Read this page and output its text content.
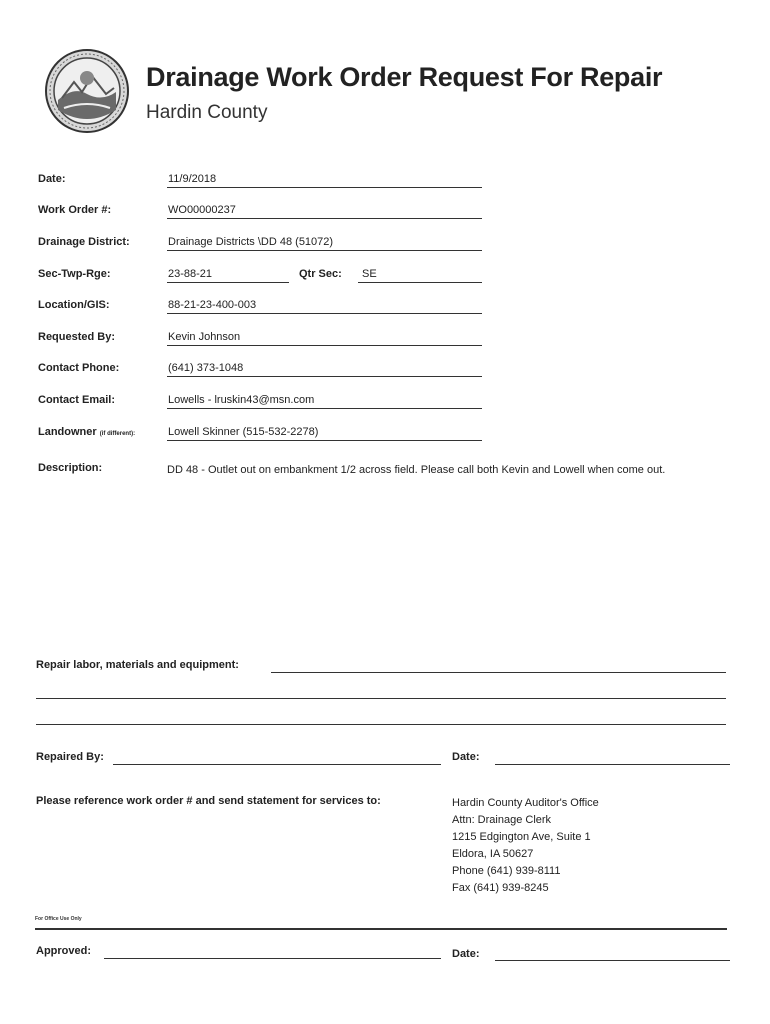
Drainage Work Order Request For Repair
Hardin County
Date:	11/9/2018
Work Order #:	WO00000237
Drainage District:	Drainage Districts \DD 48 (51072)
Sec-Twp-Rge:	23-88-21	Qtr Sec: SE
Location/GIS:	88-21-23-400-003
Requested By:	Kevin Johnson
Contact Phone:	(641) 373-1048
Contact Email:	Lowells - lruskin43@msn.com
Landowner (if different):	Lowell Skinner (515-532-2278)
Description:	DD 48 - Outlet out on embankment 1/2 across field. Please call both Kevin and Lowell when come out.
Repair labor, materials and equipment:
Repaired By:	Date:
Please reference work order # and send statement for services to:	Hardin County Auditor's Office
Attn: Drainage Clerk
1215 Edgington Ave, Suite 1
Eldora, IA 50627
Phone (641) 939-8111
Fax (641) 939-8245
For Office Use Only
Approved:	Date:
